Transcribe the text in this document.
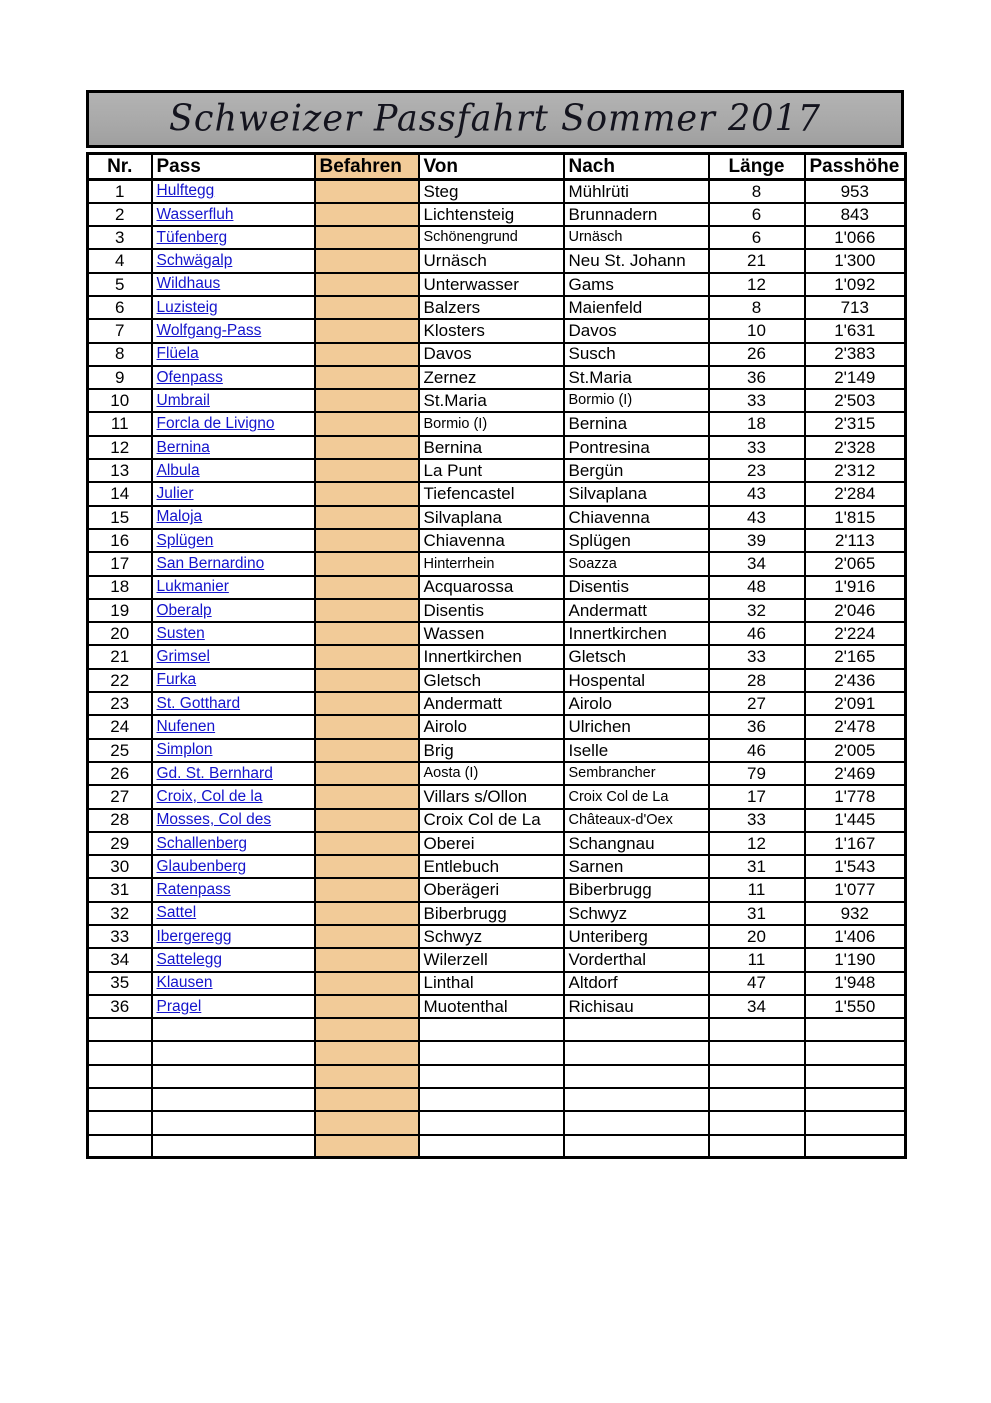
Schweizer Passfahrt Sommer 2017
Nr.	Pass	Befahren	Von	Nach	Länge	Passhöhe
1	Hulftegg		Steg	Mühlrüti	8	953
2	Wasserfluh		Lichtensteig	Brunnadern	6	843
3	Tüfenberg		Schönengrund	Urnäsch	6	1'066
4	Schwägalp		Urnäsch	Neu St. Johann	21	1'300
5	Wildhaus		Unterwasser	Gams	12	1'092
6	Luzisteig		Balzers	Maienfeld	8	713
7	Wolfgang-Pass		Klosters	Davos	10	1'631
8	Flüela		Davos	Susch	26	2'383
9	Ofenpass		Zernez	St.Maria	36	2'149
10	Umbrail		St.Maria	Bormio (I)	33	2'503
11	Forcla de Livigno		Bormio (I)	Bernina	18	2'315
12	Bernina		Bernina	Pontresina	33	2'328
13	Albula		La Punt	Bergün	23	2'312
14	Julier		Tiefencastel	Silvaplana	43	2'284
15	Maloja		Silvaplana	Chiavenna	43	1'815
16	Splügen		Chiavenna	Splügen	39	2'113
17	San Bernardino		Hinterrhein	Soazza	34	2'065
18	Lukmanier		Acquarossa	Disentis	48	1'916
19	Oberalp		Disentis	Andermatt	32	2'046
20	Susten		Wassen	Innertkirchen	46	2'224
21	Grimsel		Innertkirchen	Gletsch	33	2'165
22	Furka		Gletsch	Hospental	28	2'436
23	St. Gotthard		Andermatt	Airolo	27	2'091
24	Nufenen		Airolo	Ulrichen	36	2'478
25	Simplon		Brig	Iselle	46	2'005
26	Gd. St. Bernhard		Aosta (I)	Sembrancher	79	2'469
27	Croix, Col de la		Villars s/Ollon	Croix Col de La	17	1'778
28	Mosses, Col des		Croix Col de La	Châteaux-d'Oex	33	1'445
29	Schallenberg		Oberei	Schangnau	12	1'167
30	Glaubenberg		Entlebuch	Sarnen	31	1'543
31	Ratenpass		Oberägeri	Biberbrugg	11	1'077
32	Sattel		Biberbrugg	Schwyz	31	932
33	Ibergeregg		Schwyz	Unteriberg	20	1'406
34	Sattelegg		Wilerzell	Vorderthal	11	1'190
35	Klausen		Linthal	Altdorf	47	1'948
36	Pragel		Muotenthal	Richisau	34	1'550
